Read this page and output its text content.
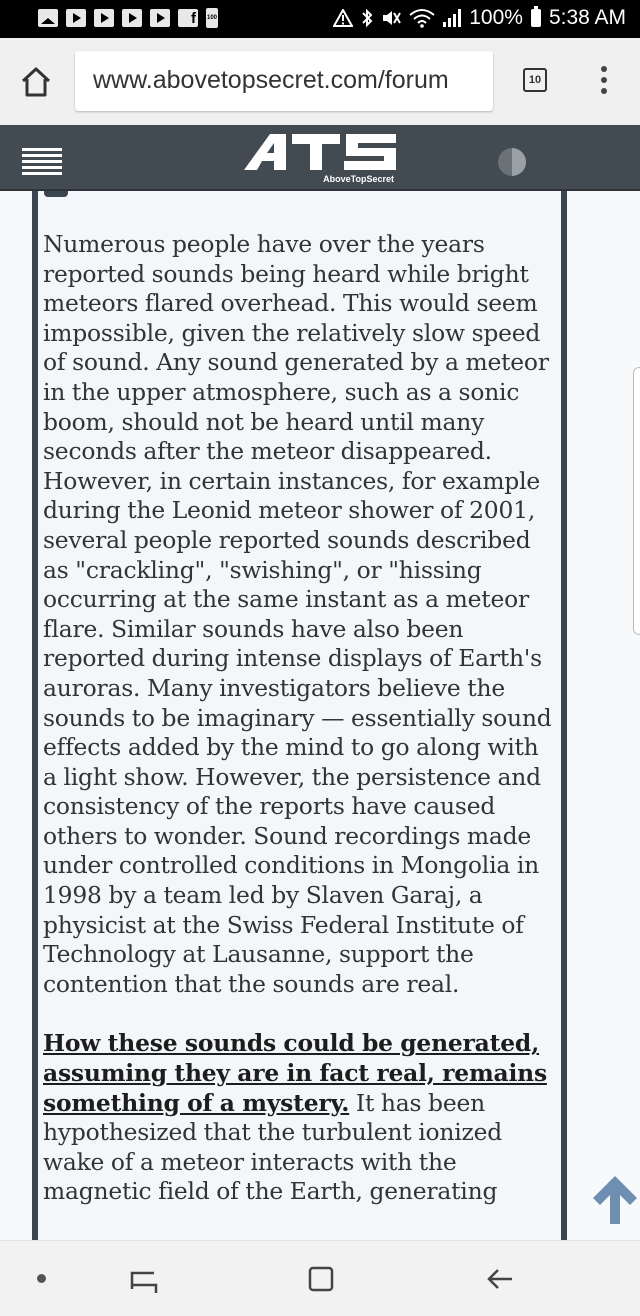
f	100	100% 5:38 AM
www.abovetopsecret.com/forum	10
AboveTopSecret

Numerous people have over the years reported sounds being heard while bright meteors flared overhead. This would seem impossible, given the relatively slow speed of sound. Any sound generated by a meteor in the upper atmosphere, such as a sonic boom, should not be heard until many seconds after the meteor disappeared. However, in certain instances, for example during the Leonid meteor shower of 2001, several people reported sounds described as "crackling", "swishing", or "hissing occurring at the same instant as a meteor flare. Similar sounds have also been reported during intense displays of Earth's auroras. Many investigators believe the sounds to be imaginary — essentially sound effects added by the mind to go along with a light show. However, the persistence and consistency of the reports have caused others to wonder. Sound recordings made under controlled conditions in Mongolia in 1998 by a team led by Slaven Garaj, a physicist at the Swiss Federal Institute of Technology at Lausanne, support the contention that the sounds are real.

How these sounds could be generated, assuming they are in fact real, remains something of a mystery. It has been hypothesized that the turbulent ionized wake of a meteor interacts with the magnetic field of the Earth, generating
